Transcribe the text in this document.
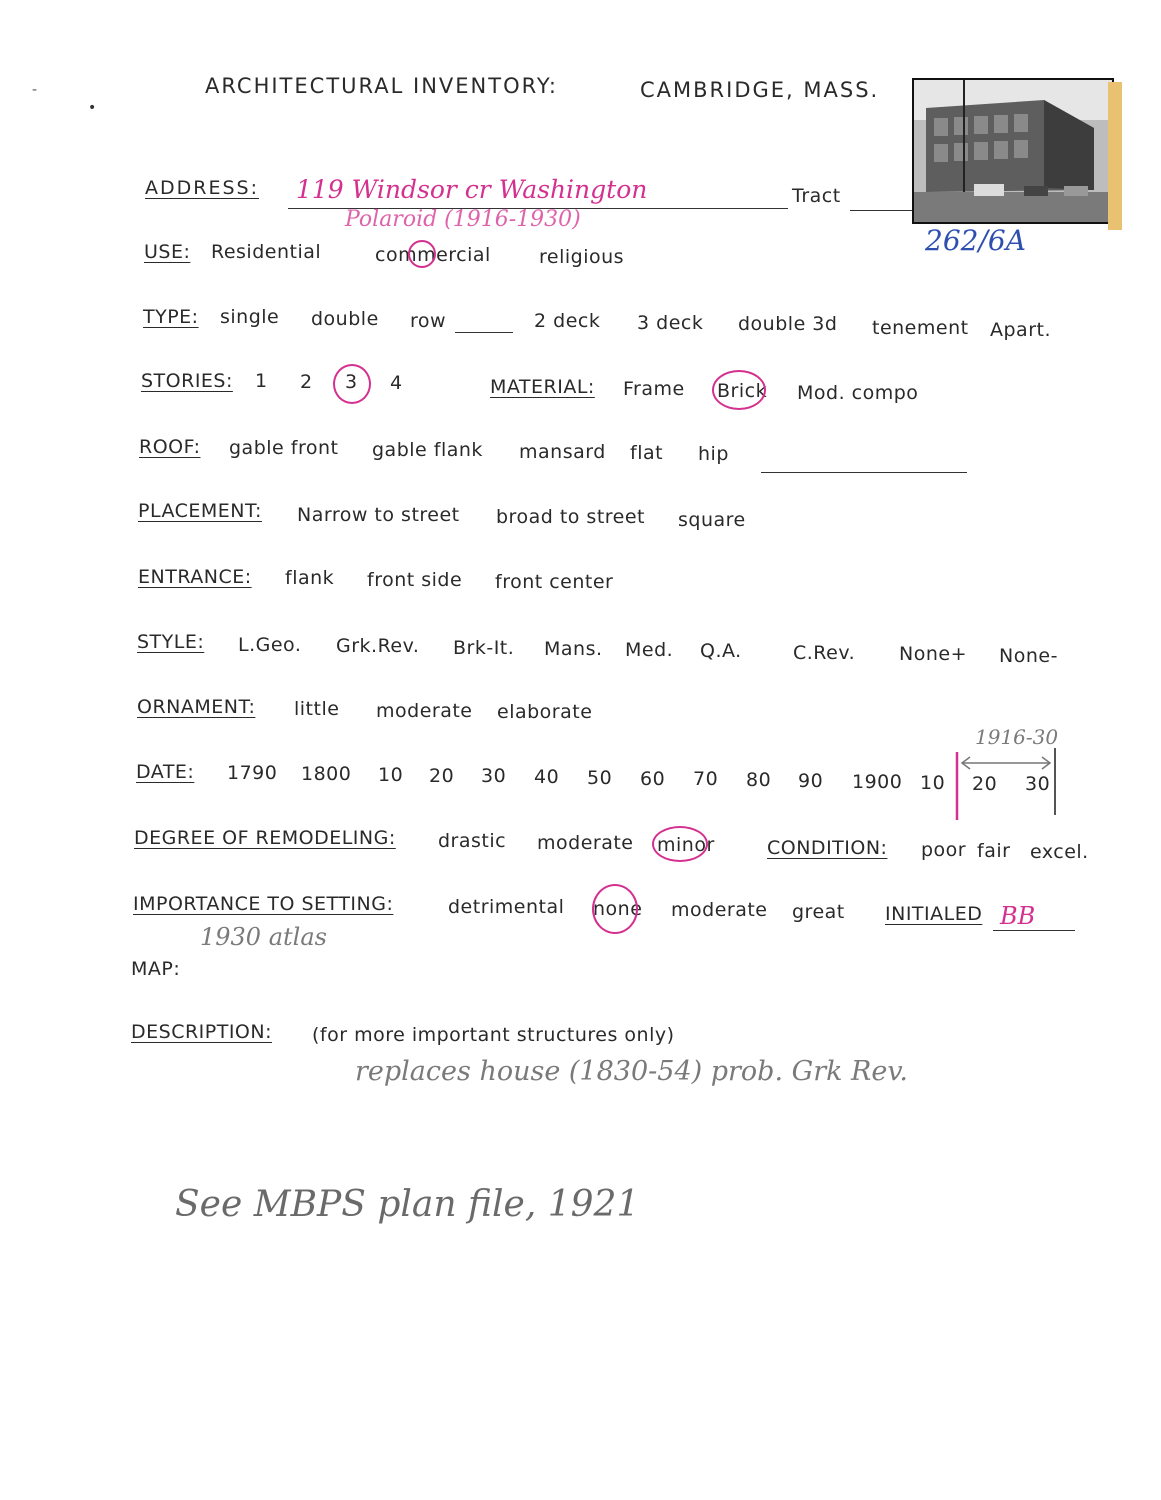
-
•
ARCHITECTURAL INVENTORY:	CAMBRIDGE, MASS.
ADDRESS: 119 Windsor cr Washington
Polaroid (1916-1930)
Tract
262/6A
USE: Residential	commercial	religious
TYPE: single double row	2 deck 3 deck double 3d tenement Apart.
STORIES: 1 2 3 4	MATERIAL: Frame Brick Mod. compo
ROOF: gable front gable flank mansard flat hip
PLACEMENT: Narrow to street broad to street square
ENTRANCE: flank front side front center
STYLE: L.Geo. Grk.Rev. Brk-It. Mans. Med. Q.A.	C.Rev. None+ None-
ORNAMENT: little moderate elaborate
DATE: 1790 1800 10 20 30 40 50 60 70 80 90 1900 10 20 30
1916-30
DEGREE OF REMODELING: drastic moderate minor	CONDITION: poor fair excel.
IMPORTANCE TO SETTING:	detrimental none moderate great INITIALED BB
1930 atlas
MAP:
DESCRIPTION: (for more important structures only)
replaces house (1830-54) prob. Grk Rev.
See MBPS plan file, 1921
